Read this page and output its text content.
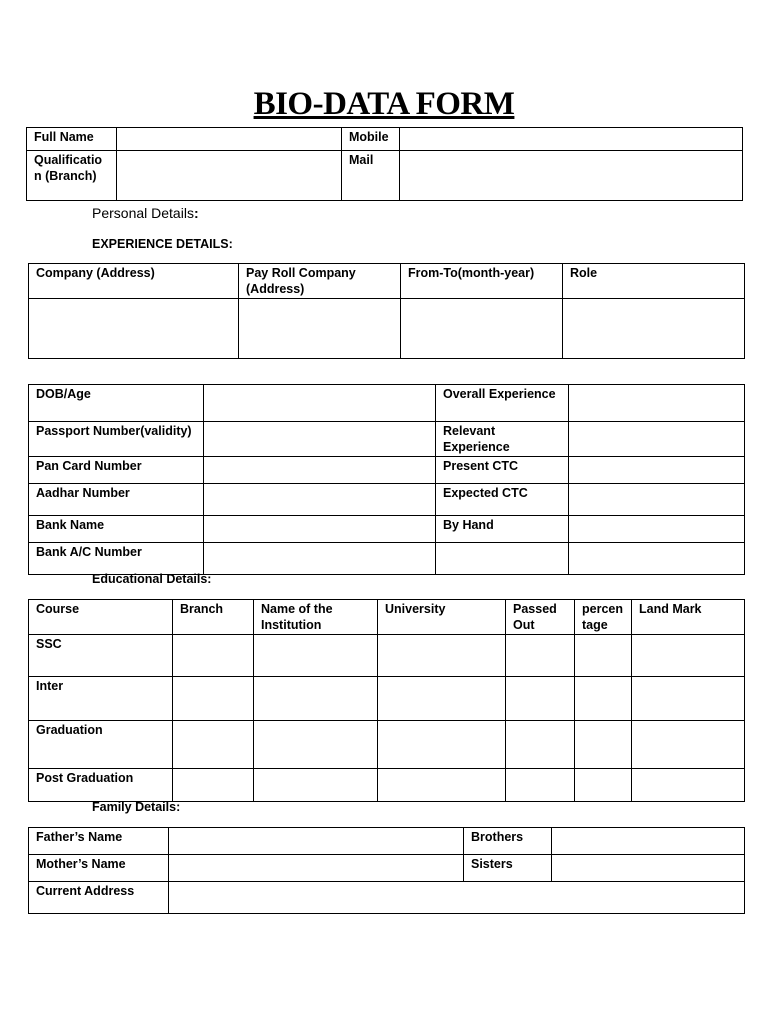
BIO-DATA FORM
Full Name		Mobile	
Qualification (Branch)		Mail	
Personal Details:
EXPERIENCE DETAILS:
Company (Address)	Pay Roll Company (Address)	From-To(month-year)	Role

DOB/Age		Overall Experience	
Passport Number(validity)		Relevant Experience	
Pan Card Number		Present CTC	
Aadhar Number		Expected CTC	
Bank Name		By Hand	
Bank A/C Number			
Educational Details:
Course	Branch	Name of the Institution	University	Passed Out	percentage	Land Mark
SSC						
Inter						
Graduation						
Post Graduation						
Family Details:
Father’s Name		Brothers	
Mother’s Name		Sisters	
Current Address			
